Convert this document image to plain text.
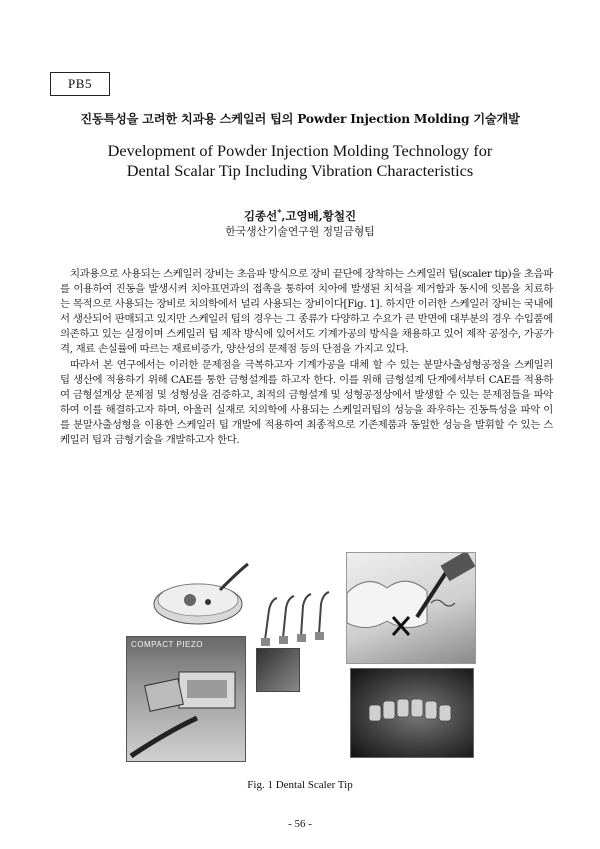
PB5
진동특성을 고려한 치과용 스케일러 팁의 Powder Injection Molding 기술개발
Development of Powder Injection Molding Technology for
Dental Scalar Tip Including Vibration Characteristics
김종선*,고영배,황철진
한국생산기술연구원 정밀금형팀

치과용으로 사용되는 스케일러 장비는 초음파 방식으로 장비 끝단에 장착하는 스케일러 팁(scaler tip)을 초음파를 이용하여 진동을 발생시켜 치아표면과의 접촉을 통하여 치아에 발생된 치석을 제거함과 동시에 잇몸을 치료하는 목적으로 사용되는 장비로 치의학에서 널리 사용되는 장비이다[Fig. 1]. 하지만 이러한 스케일러 장비는 국내에서 생산되어 판매되고 있지만 스케일러 팁의 경우는 그 종류가 다양하고 수요가 큰 반면에 대부분의 경우 수입품에 의존하고 있는 실정이며 스케일러 팁 제작 방식에 있어서도 기계가공의 방식을 채용하고 있어 제작 공정수, 가공가격, 재료 손실률에 따르는 재료비증가, 양산성의 문제점 등의 단점을 가지고 있다.

따라서 본 연구에서는 이러한 문제점을 극복하고자 기계가공을 대체 할 수 있는 분말사출성형공정을 스케일러 팁 생산에 적용하기 위해 CAE를 통한 금형설계를 하고자 한다. 이를 위해 금형설계 단계에서부터 CAE를 적용하여 금형설계상 문제점 및 성형성을 검증하고, 최적의 금형설계 및 성형공정상에서 발생할 수 있는 문제점들을 파악하여 이를 해결하고자 하며, 아울러 실재로 치의학에 사용되는 스케일러팁의 성능을 좌우하는 진동특성을 파악 이를 분말사출성형을 이용한 스케일러 팁 개발에 적용하여 최종적으로 기존제품과 동일한 성능을 발휘할 수 있는 스케일러 팁과 금형기술을 개발하고자 한다.

COMPACT PIEZO
Fig. 1 Dental Scaler Tip
- 56 -
